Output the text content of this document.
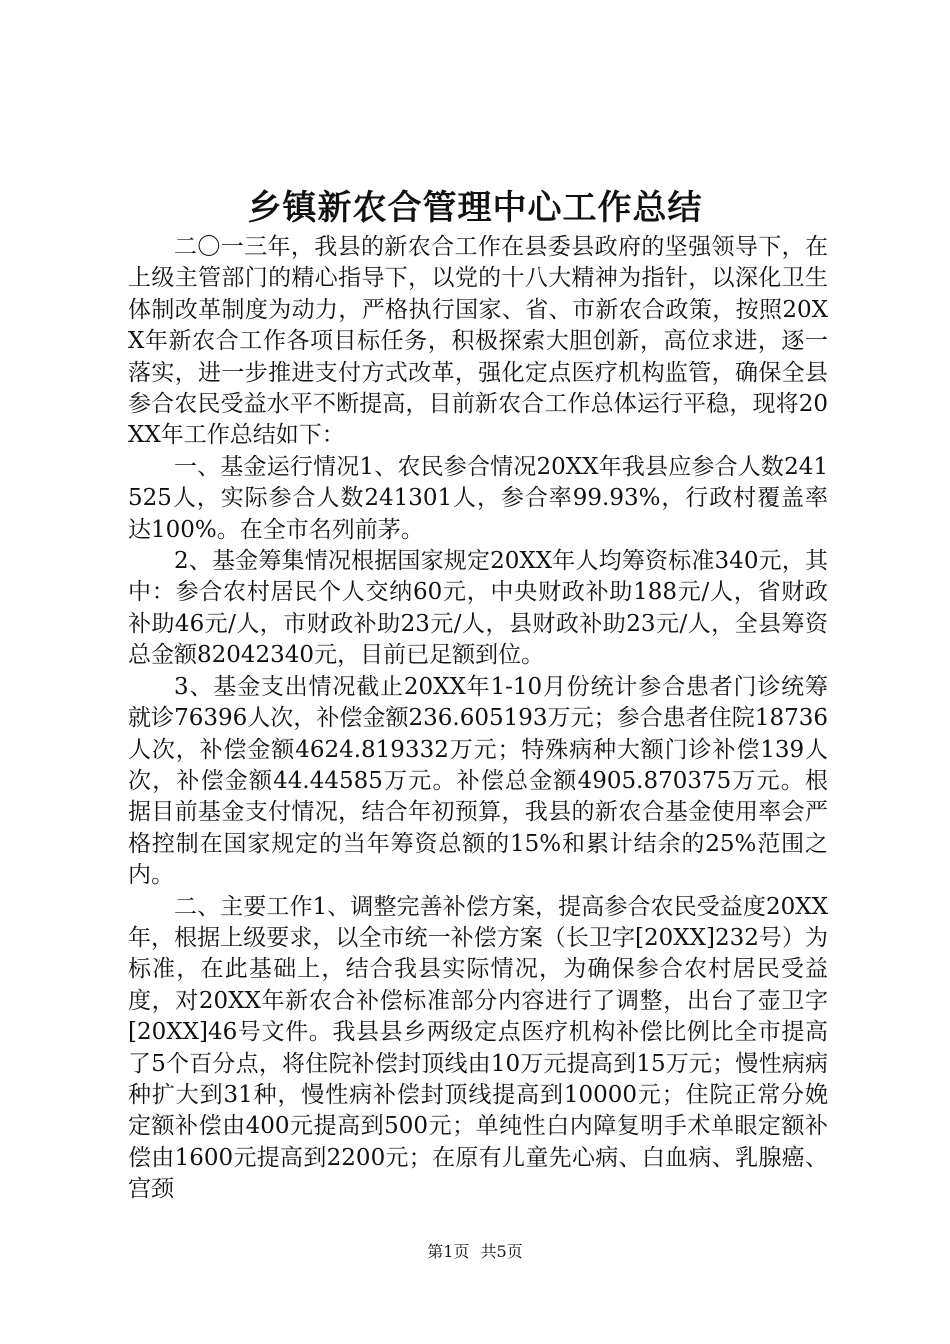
乡镇新农合管理中心工作总结

二〇一三年，我县的新农合工作在县委县政府的坚强领导下，在上级主管部门的精心指导下，以党的十八大精神为指针，以深化卫生体制改革制度为动力，严格执行国家、省、市新农合政策，按照20XX年新农合工作各项目标任务，积极探索大胆创新，高位求进，逐一落实，进一步推进支付方式改革，强化定点医疗机构监管，确保全县参合农民受益水平不断提高，目前新农合工作总体运行平稳，现将20XX年工作总结如下：

一、基金运行情况1、农民参合情况20XX年我县应参合人数241525人，实际参合人数241301人，参合率99.93%，行政村覆盖率达100%。在全市名列前茅。

2、基金筹集情况根据国家规定20XX年人均筹资标准340元，其中：参合农村居民个人交纳60元，中央财政补助188元/人，省财政补助46元/人，市财政补助23元/人，县财政补助23元/人，全县筹资总金额82042340元，目前已足额到位。

3、基金支出情况截止20XX年1-10月份统计参合患者门诊统筹就诊76396人次，补偿金额236.605193万元；参合患者住院18736人次，补偿金额4624.819332万元；特殊病种大额门诊补偿139人次，补偿金额44.44585万元。补偿总金额4905.870375万元。根据目前基金支付情况，结合年初预算，我县的新农合基金使用率会严格控制在国家规定的当年筹资总额的15%和累计结余的25%范围之内。

二、主要工作1、调整完善补偿方案，提高参合农民受益度20XX年，根据上级要求，以全市统一补偿方案（长卫字[20XX]232号）为标准，在此基础上，结合我县实际情况，为确保参合农村居民受益度，对20XX年新农合补偿标准部分内容进行了调整，出台了壶卫字[20XX]46号文件。我县县乡两级定点医疗机构补偿比例比全市提高了5个百分点，将住院补偿封顶线由10万元提高到15万元；慢性病病种扩大到31种，慢性病补偿封顶线提高到10000元；住院正常分娩定额补偿由400元提高到500元；单纯性白内障复明手术单眼定额补偿由1600元提高到2200元；在原有儿童先心病、白血病、乳腺癌、宫颈

第1页 共5页
